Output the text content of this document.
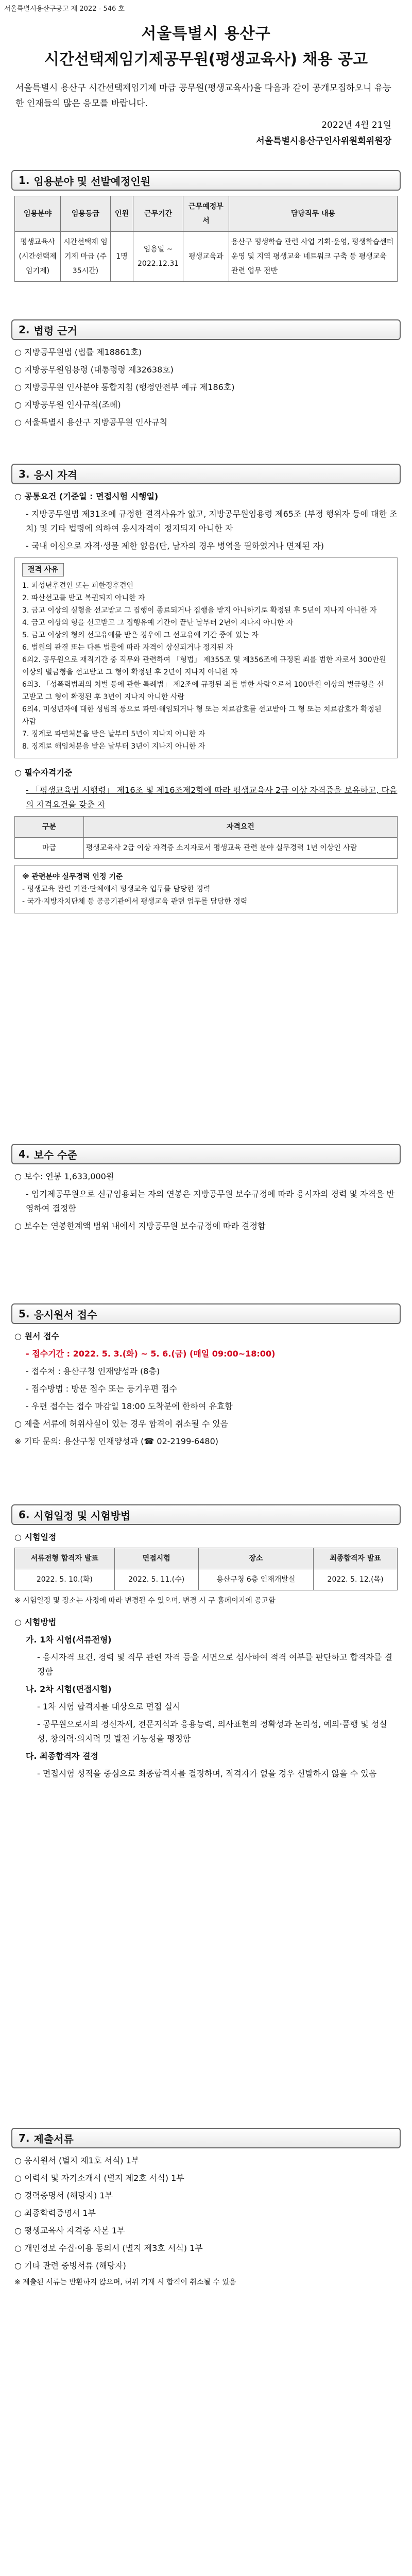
서울특별시용산구공고 제 2022 - 546 호
서울특별시 용산구
시간선택제임기제공무원(평생교육사) 채용 공고
서울특별시 용산구 시간선택제임기제 마급 공무원(평생교육사)을 다음과 같이 공개모집하오니 유능한 인재들의 많은 응모를 바랍니다.
2022년 4월 21일
서울특별시용산구인사위원회위원장
1. 임용분야 및 선발예정인원
임용분야	임용등급	인원	근무기간	근무예정부서	담당직무 내용
평생교육사 (시간선택제 임기제)	시간선택제 임기제 마급 (주 35시간)	1명	임용일 ~ 2022.12.31	평생교육과	용산구 평생학습 관련 사업 기획·운영, 평생학습센터 운영 및 지역 평생교육 네트워크 구축 등 평생교육 관련 업무 전반
2. 법령 근거

○ 지방공무원법 (법률 제18861호)

○ 지방공무원임용령 (대통령령 제32638호)

○ 지방공무원 인사분야 통합지침 (행정안전부 예규 제186호)

○ 지방공무원 인사규칙(조례)

○ 서울특별시 용산구 지방공무원 인사규칙

3. 응시 자격

○ 공통요건 (기준일 : 면접시험 시행일)

- 지방공무원법 제31조에 규정한 결격사유가 없고, 지방공무원임용령 제65조 (부정 행위자 등에 대한 조치) 및 기타 법령에 의하여 응시자격이 정지되지 아니한 자

- 국내 이심으로 자격·생물 제한 없음(단, 남자의 경우 병역을 필하였거나 면제된 자)

결격 사유
1. 피성년후견인 또는 피한정후견인
2. 파산선고를 받고 복권되지 아니한 자
3. 금고 이상의 실형을 선고받고 그 집행이 종료되거나 집행을 받지 아니하기로 확정된 후 5년이 지나지 아니한 자
4. 금고 이상의 형을 선고받고 그 집행유예 기간이 끝난 날부터 2년이 지나지 아니한 자
5. 금고 이상의 형의 선고유예를 받은 경우에 그 선고유예 기간 중에 있는 자
6. 법원의 판결 또는 다른 법률에 따라 자격이 상실되거나 정지된 자
6의2. 공무원으로 재직기간 중 직무와 관련하여 「형법」 제355조 및 제356조에 규정된 죄를 범한 자로서 300만원 이상의 벌금형을 선고받고 그 형이 확정된 후 2년이 지나지 아니한 자
6의3. 「성폭력범죄의 처벌 등에 관한 특례법」 제2조에 규정된 죄를 범한 사람으로서 100만원 이상의 벌금형을 선고받고 그 형이 확정된 후 3년이 지나지 아니한 사람
6의4. 미성년자에 대한 성범죄 등으로 파면·해임되거나 형 또는 치료감호를 선고받아 그 형 또는 치료감호가 확정된 사람
7. 징계로 파면처분을 받은 날부터 5년이 지나지 아니한 자
8. 징계로 해임처분을 받은 날부터 3년이 지나지 아니한 자

○ 필수자격기준

- 「평생교육법 시행령」 제16조 및 제16조제2항에 따라 평생교육사 2급 이상 자격증을 보유하고, 다음의 자격요건을 갖춘 자

구분	자격요건
마급	평생교육사 2급 이상 자격증 소지자로서 평생교육 관련 분야 실무경력 1년 이상인 사람
※ 관련분야 실무경력 인정 기준
- 평생교육 관련 기관·단체에서 평생교육 업무를 담당한 경력
- 국가·지방자치단체 등 공공기관에서 평생교육 관련 업무를 담당한 경력
4. 보수 수준

○ 보수: 연봉 1,633,000원

- 임기제공무원으로 신규임용되는 자의 연봉은 지방공무원 보수규정에 따라 응시자의 경력 및 자격을 반영하여 결정함

○ 보수는 연봉한계액 범위 내에서 지방공무원 보수규정에 따라 결정함

5. 응시원서 접수

○ 원서 접수

- 접수기간 : 2022. 5. 3.(화) ~ 5. 6.(금) (매일 09:00~18:00)

- 접수처 : 용산구청 인재양성과 (8층)

- 접수방법 : 방문 접수 또는 등기우편 접수

- 우편 접수는 접수 마감일 18:00 도착분에 한하여 유효함

○ 제출 서류에 허위사실이 있는 경우 합격이 취소될 수 있음

※ 기타 문의: 용산구청 인재양성과 (☎ 02-2199-6480)

6. 시험일정 및 시험방법

○ 시험일정

서류전형 합격자 발표	면접시험	장소	최종합격자 발표
2022. 5. 10.(화)	2022. 5. 11.(수)	용산구청 6층 인재개발실	2022. 5. 12.(목)

※ 시험일정 및 장소는 사정에 따라 변경될 수 있으며, 변경 시 구 홈페이지에 공고함

○ 시험방법

가. 1차 시험(서류전형)

- 응시자격 요건, 경력 및 직무 관련 자격 등을 서면으로 심사하여 적격 여부를 판단하고 합격자를 결정함

나. 2차 시험(면접시험)

- 1차 시험 합격자를 대상으로 면접 실시

- 공무원으로서의 정신자세, 전문지식과 응용능력, 의사표현의 정확성과 논리성, 예의·품행 및 성실성, 창의력·의지력 및 발전 가능성을 평정함

다. 최종합격자 결정

- 면접시험 성적을 중심으로 최종합격자를 결정하며, 적격자가 없을 경우 선발하지 않을 수 있음

7. 제출서류

○ 응시원서 (별지 제1호 서식) 1부

○ 이력서 및 자기소개서 (별지 제2호 서식) 1부

○ 경력증명서 (해당자) 1부

○ 최종학력증명서 1부

○ 평생교육사 자격증 사본 1부

○ 개인정보 수집·이용 동의서 (별지 제3호 서식) 1부

○ 기타 관련 증빙서류 (해당자)

※ 제출된 서류는 반환하지 않으며, 허위 기재 시 합격이 취소될 수 있음
